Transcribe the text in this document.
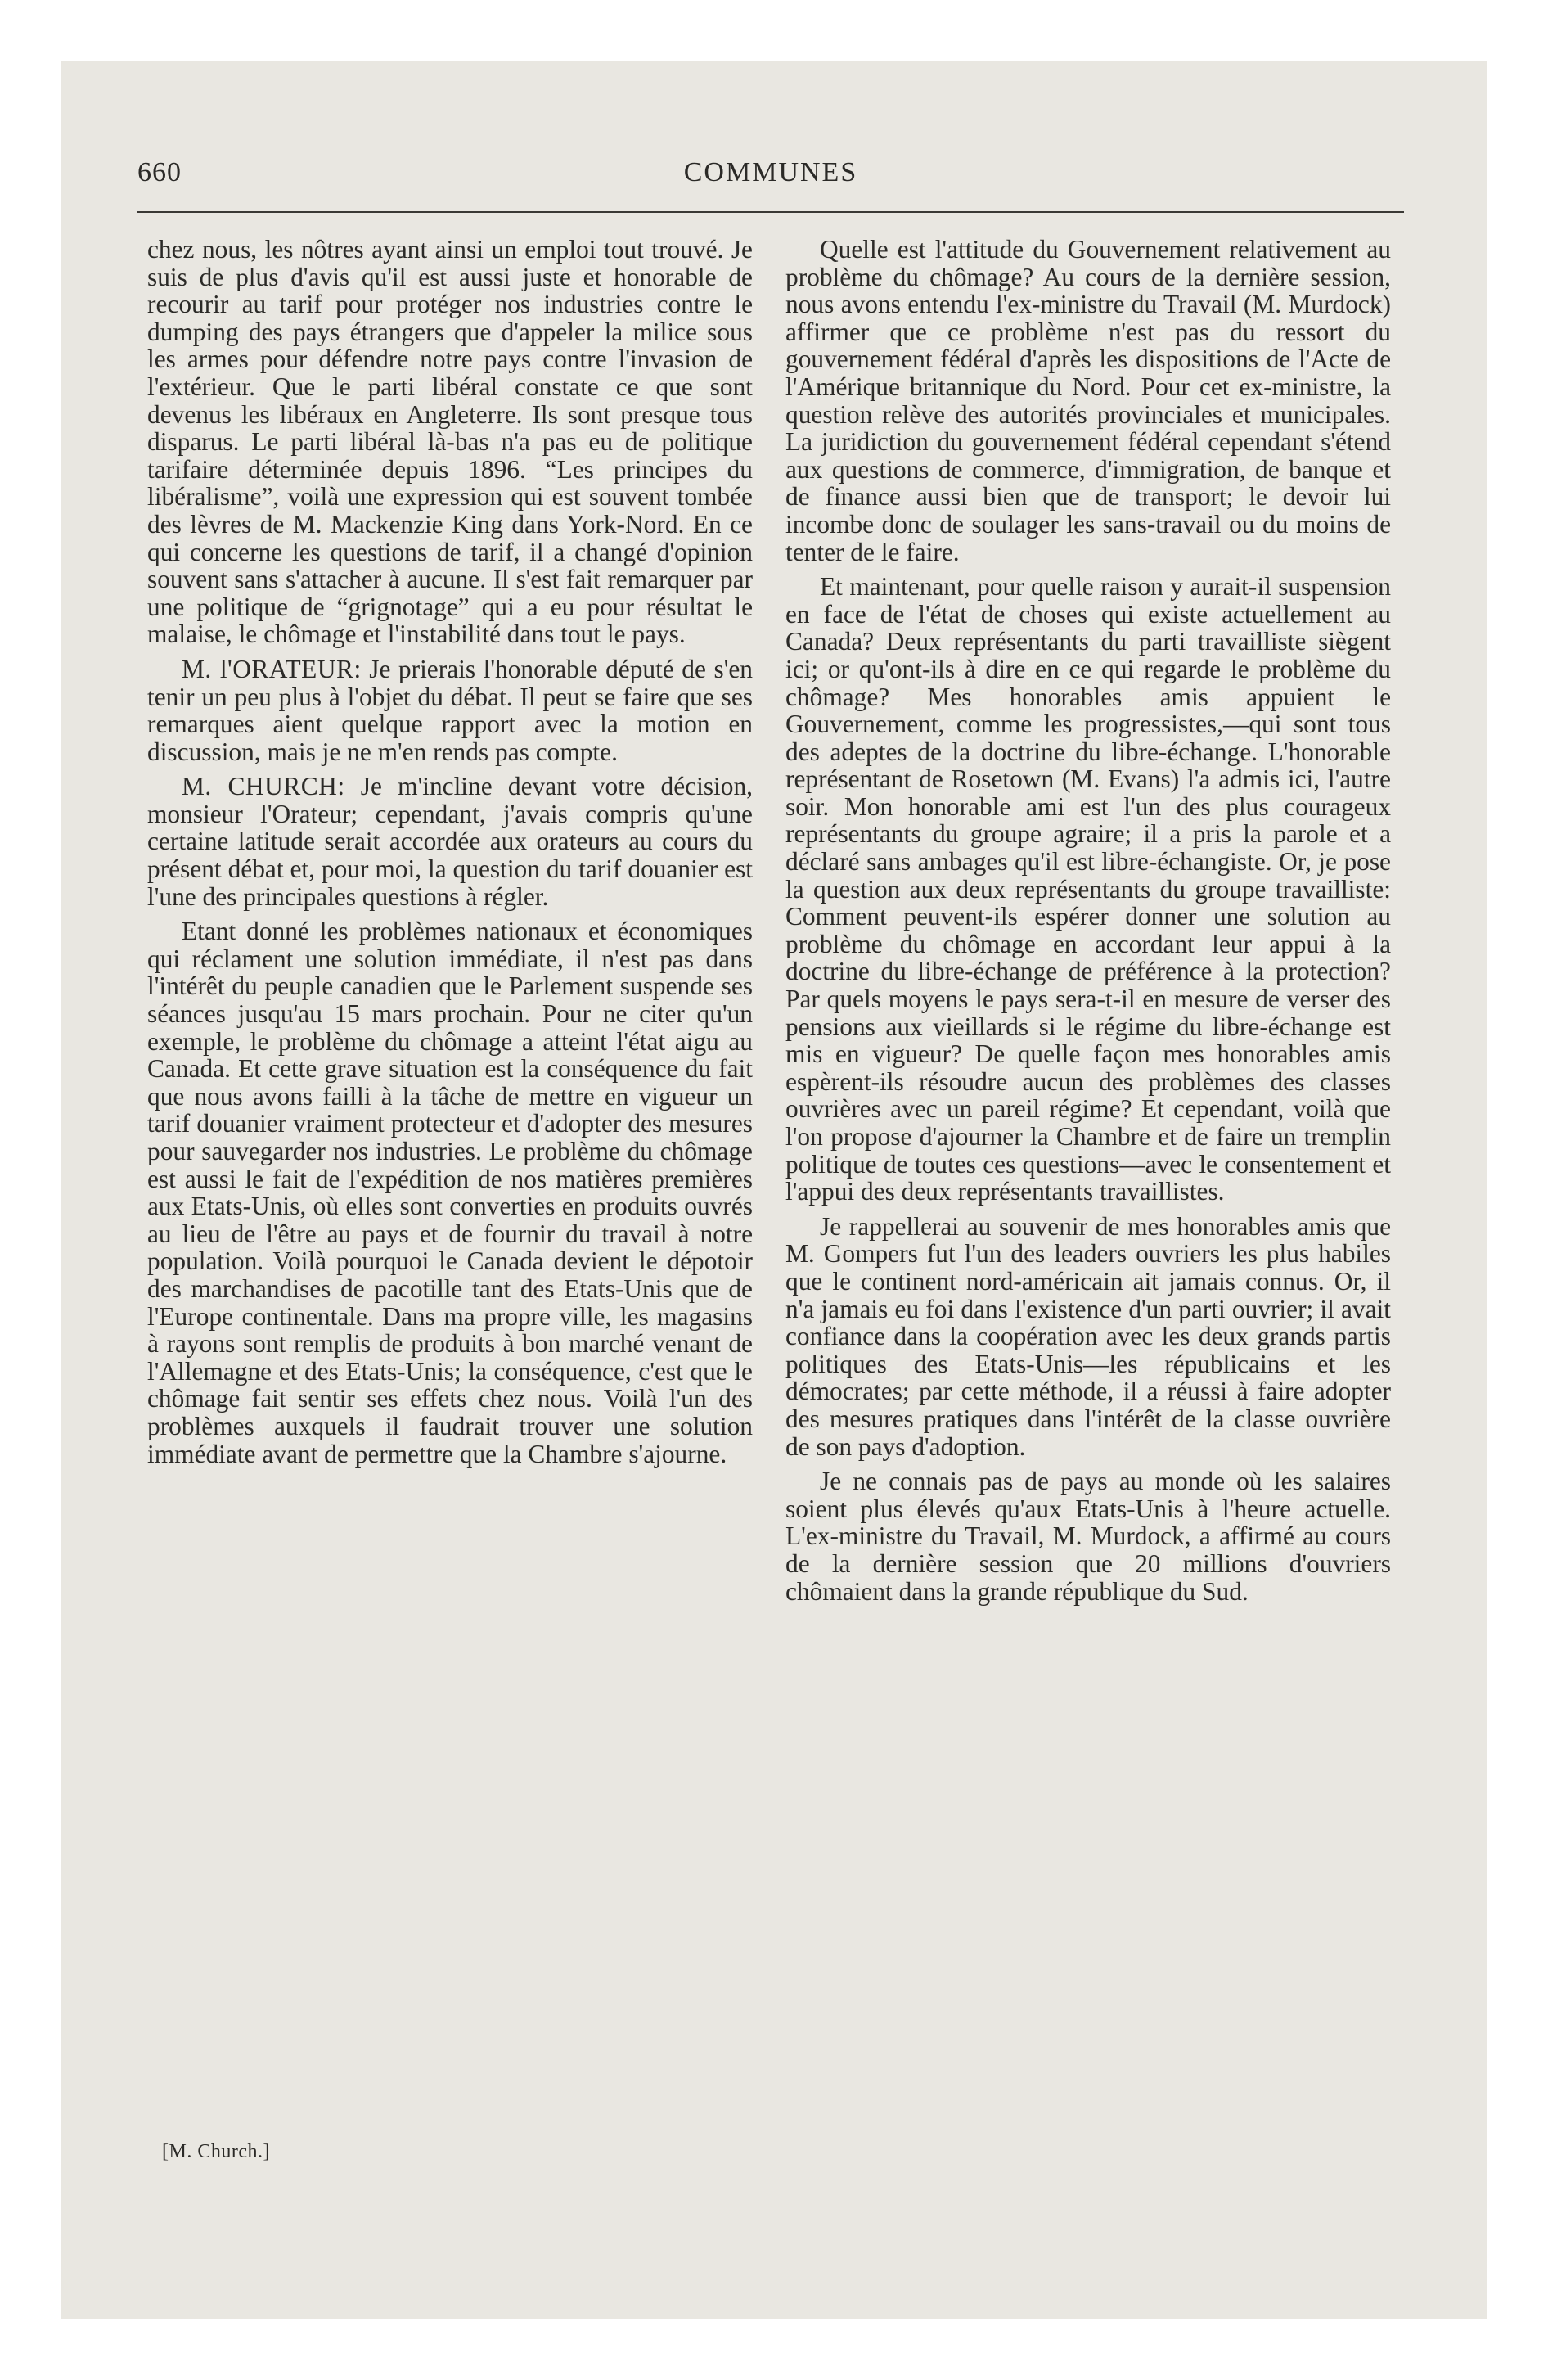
660	COMMUNES

chez nous, les nôtres ayant ainsi un emploi tout trouvé. Je suis de plus d'avis qu'il est aussi juste et honorable de recourir au tarif pour protéger nos industries contre le dumping des pays étrangers que d'appeler la milice sous les armes pour défendre notre pays contre l'invasion de l'extérieur. Que le parti libéral constate ce que sont devenus les libéraux en Angleterre. Ils sont presque tous disparus. Le parti libéral là-bas n'a pas eu de politique tarifaire déterminée depuis 1896. “Les principes du libéralisme”, voilà une expression qui est souvent tombée des lèvres de M. Mackenzie King dans York-Nord. En ce qui concerne les questions de tarif, il a changé d'opinion souvent sans s'attacher à aucune. Il s'est fait remarquer par une politique de “grignotage” qui a eu pour résultat le malaise, le chômage et l'instabilité dans tout le pays.

M. l'ORATEUR: Je prierais l'honorable député de s'en tenir un peu plus à l'objet du débat. Il peut se faire que ses remarques aient quelque rapport avec la motion en discussion, mais je ne m'en rends pas compte.

M. CHURCH: Je m'incline devant votre décision, monsieur l'Orateur; cependant, j'avais compris qu'une certaine latitude serait accordée aux orateurs au cours du présent débat et, pour moi, la question du tarif douanier est l'une des principales questions à régler.

Etant donné les problèmes nationaux et économiques qui réclament une solution immédiate, il n'est pas dans l'intérêt du peuple canadien que le Parlement suspende ses séances jusqu'au 15 mars prochain. Pour ne citer qu'un exemple, le problème du chômage a atteint l'état aigu au Canada. Et cette grave situation est la conséquence du fait que nous avons failli à la tâche de mettre en vigueur un tarif douanier vraiment protecteur et d'adopter des mesures pour sauvegarder nos industries. Le problème du chômage est aussi le fait de l'expédition de nos matières premières aux Etats-Unis, où elles sont converties en produits ouvrés au lieu de l'être au pays et de fournir du travail à notre population. Voilà pourquoi le Canada devient le dépotoir des marchandises de pacotille tant des Etats-Unis que de l'Europe continentale. Dans ma propre ville, les magasins à rayons sont remplis de produits à bon marché venant de l'Allemagne et des Etats-Unis; la conséquence, c'est que le chômage fait sentir ses effets chez nous. Voilà l'un des problèmes auxquels il faudrait trouver une solution immédiate avant de permettre que la Chambre s'ajourne.

Quelle est l'attitude du Gouvernement relativement au problème du chômage? Au cours de la dernière session, nous avons entendu l'ex-ministre du Travail (M. Murdock) affirmer que ce problème n'est pas du ressort du gouvernement fédéral d'après les dispositions de l'Acte de l'Amérique britannique du Nord. Pour cet ex-ministre, la question relève des autorités provinciales et municipales. La juridiction du gouvernement fédéral cependant s'étend aux questions de commerce, d'immigration, de banque et de finance aussi bien que de transport; le devoir lui incombe donc de soulager les sans-travail ou du moins de tenter de le faire.

Et maintenant, pour quelle raison y aurait-il suspension en face de l'état de choses qui existe actuellement au Canada? Deux représentants du parti travailliste siègent ici; or qu'ont-ils à dire en ce qui regarde le problème du chômage? Mes honorables amis appuient le Gouvernement, comme les progressistes,—qui sont tous des adeptes de la doctrine du libre-échange. L'honorable représentant de Rosetown (M. Evans) l'a admis ici, l'autre soir. Mon honorable ami est l'un des plus courageux représentants du groupe agraire; il a pris la parole et a déclaré sans ambages qu'il est libre-échangiste. Or, je pose la question aux deux représentants du groupe travailliste: Comment peuvent-ils espérer donner une solution au problème du chômage en accordant leur appui à la doctrine du libre-échange de préférence à la protection? Par quels moyens le pays sera-t-il en mesure de verser des pensions aux vieillards si le régime du libre-échange est mis en vigueur? De quelle façon mes honorables amis espèrent-ils résoudre aucun des problèmes des classes ouvrières avec un pareil régime? Et cependant, voilà que l'on propose d'ajourner la Chambre et de faire un tremplin politique de toutes ces questions—avec le consentement et l'appui des deux représentants travaillistes.

Je rappellerai au souvenir de mes honorables amis que M. Gompers fut l'un des leaders ouvriers les plus habiles que le continent nord-américain ait jamais connus. Or, il n'a jamais eu foi dans l'existence d'un parti ouvrier; il avait confiance dans la coopération avec les deux grands partis politiques des Etats-Unis—les républicains et les démocrates; par cette méthode, il a réussi à faire adopter des mesures pratiques dans l'intérêt de la classe ouvrière de son pays d'adoption.

Je ne connais pas de pays au monde où les salaires soient plus élevés qu'aux Etats-Unis à l'heure actuelle. L'ex-ministre du Travail, M. Murdock, a affirmé au cours de la dernière session que 20 millions d'ouvriers chômaient dans la grande république du Sud.

[M. Church.]
